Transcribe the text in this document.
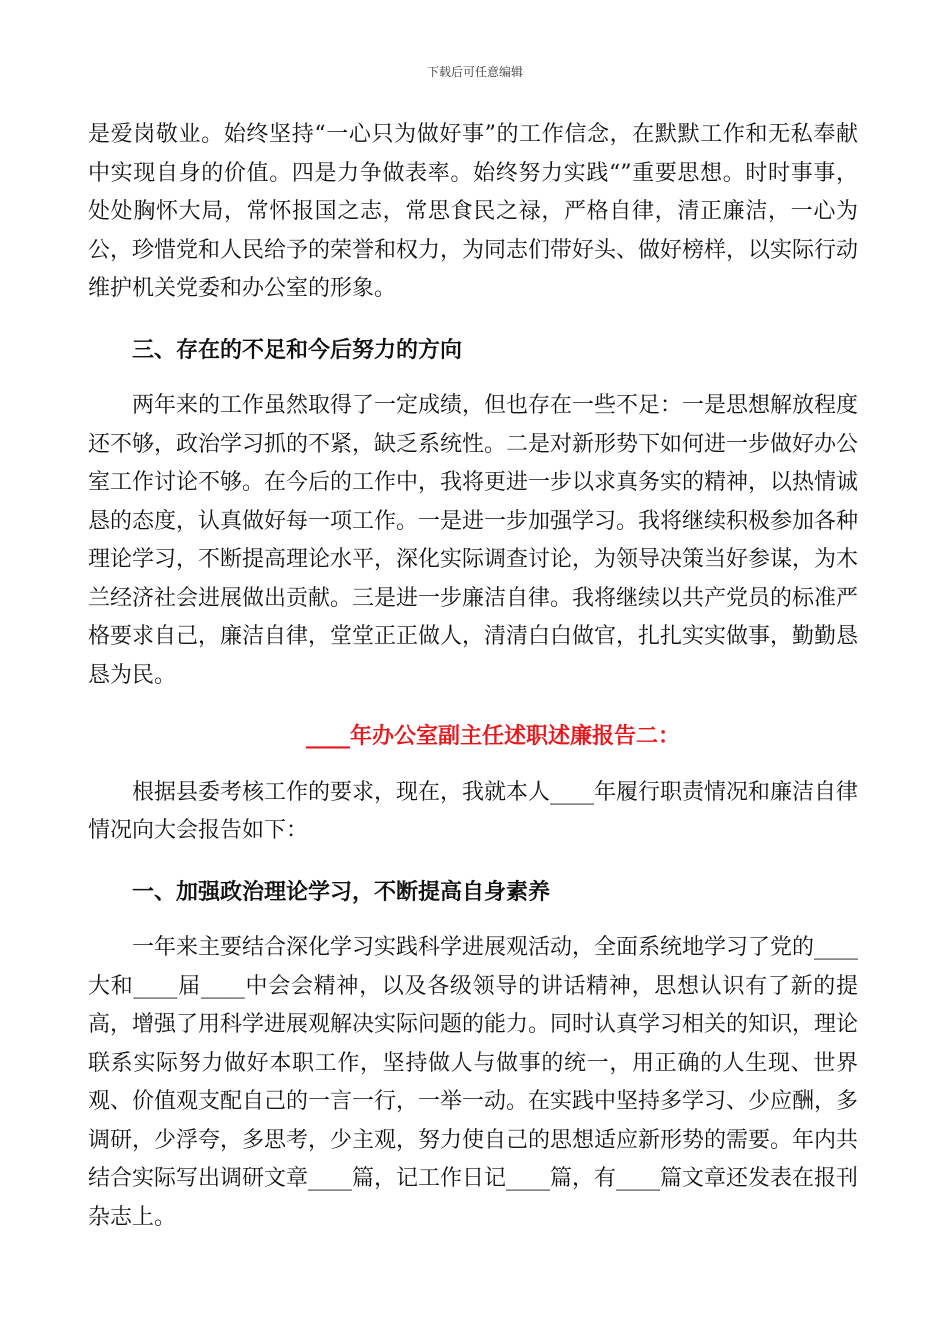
下载后可任意编辑

是爱岗敬业。始终坚持“一心只为做好事”的工作信念，在默默工作和无私奉献中实现自身的价值。四是力争做表率。始终努力实践“”重要思想。时时事事，处处胸怀大局，常怀报国之志，常思食民之禄，严格自律，清正廉洁，一心为公，珍惜党和人民给予的荣誉和权力，为同志们带好头、做好榜样，以实际行动维护机关党委和办公室的形象。

三、存在的不足和今后努力的方向

两年来的工作虽然取得了一定成绩，但也存在一些不足：一是思想解放程度还不够，政治学习抓的不紧，缺乏系统性。二是对新形势下如何进一步做好办公室工作讨论不够。在今后的工作中，我将更进一步以求真务实的精神，以热情诚恳的态度，认真做好每一项工作。一是进一步加强学习。我将继续积极参加各种理论学习，不断提高理论水平，深化实际调查讨论，为领导决策当好参谋，为木兰经济社会进展做出贡献。三是进一步廉洁自律。我将继续以共产党员的标准严格要求自己，廉洁自律，堂堂正正做人，清清白白做官，扎扎实实做事，勤勤恳恳为民。

____年办公室副主任述职述廉报告二：

根据县委考核工作的要求，现在，我就本人____年履行职责情况和廉洁自律情况向大会报告如下：

一、加强政治理论学习，不断提高自身素养

一年来主要结合深化学习实践科学进展观活动，全面系统地学习了党的____大和____届____中会会精神，以及各级领导的讲话精神，思想认识有了新的提高，增强了用科学进展观解决实际问题的能力。同时认真学习相关的知识，理论联系实际努力做好本职工作，坚持做人与做事的统一，用正确的人生现、世界观、价值观支配自己的一言一行，一举一动。在实践中坚持多学习、少应酬，多调研，少浮夸，多思考，少主观，努力使自己的思想适应新形势的需要。年内共结合实际写出调研文章____篇，记工作日记____篇，有____篇文章还发表在报刊杂志上。
